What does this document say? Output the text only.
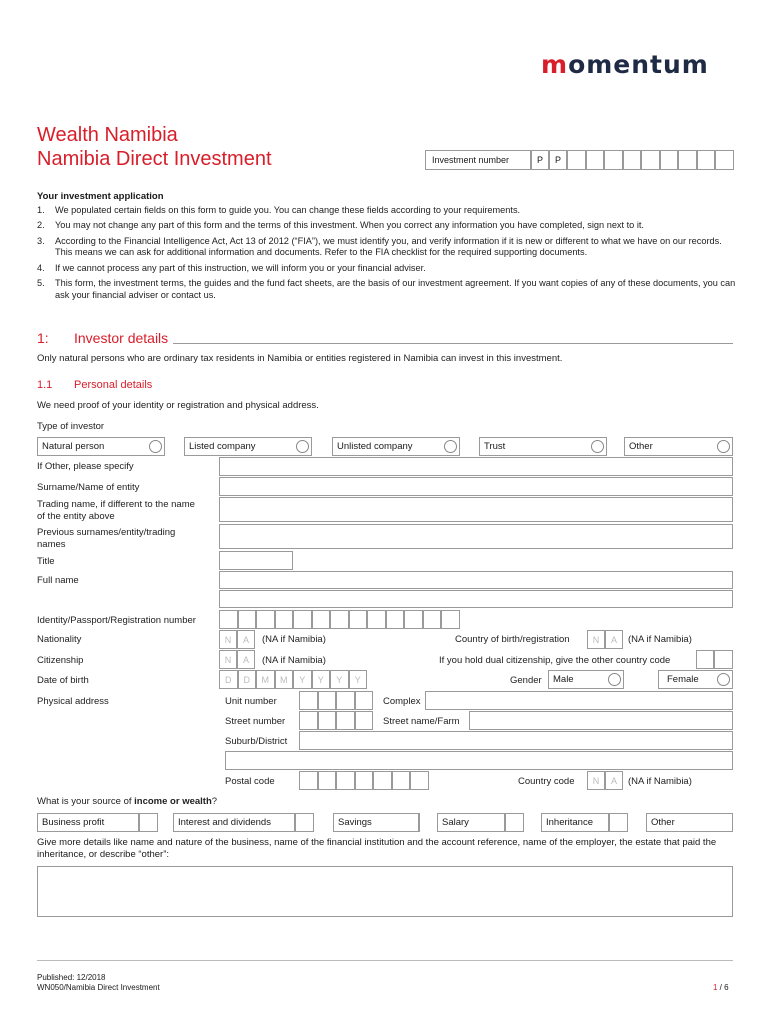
momentum
Wealth Namibia
Namibia Direct Investment	Investment number	P	P
Your investment application
1. We populated certain fields on this form to guide you. You can change these fields according to your requirements.
2. You may not change any part of this form and the terms of this investment. When you correct any information you have completed, sign next to it.
3. According to the Financial Intelligence Act, Act 13 of 2012 (“FIA”), we must identify you, and verify information if it is new or different to what we have on our records. This means we can ask for additional information and documents. Refer to the FIA checklist for the required supporting documents.
4. If we cannot process any part of this instruction, we will inform you or your financial adviser.
5. This form, the investment terms, the guides and the fund fact sheets, are the basis of our investment agreement. If you want copies of any of these documents, you can ask your financial adviser or contact us.
1: Investor details
Only natural persons who are ordinary tax residents in Namibia or entities registered in Namibia can invest in this investment.
1.1 Personal details
We need proof of your identity or registration and physical address.
Type of investor
Natural person	Listed company	Unlisted company	Trust	Other
If Other, please specify
Surname/Name of entity
Trading name, if different to the name
of the entity above
Previous surnames/entity/trading
names
Title
Full name
Identity/Passport/Registration number
Nationality	N	A	(NA if Namibia)	Country of birth/registration	N	A	(NA if Namibia)
Citizenship	N	A	(NA if Namibia)	If you hold dual citizenship, give the other country code
Date of birth	D	D	M	M	Y	Y	Y	Y	Gender	Male	Female
Physical address	Unit number	Complex
Street number	Street name/Farm
Suburb/District
Postal code	Country code	N	A	(NA if Namibia)
What is your source of income or wealth?
Business profit	Interest and dividends	Savings	Salary	Inheritance	Other
Give more details like name and nature of the business, name of the financial institution and the account reference, name of the employer, the estate that paid the inheritance, or describe “other”:
Published: 12/2018
WN050/Namibia Direct Investment	1 / 6
